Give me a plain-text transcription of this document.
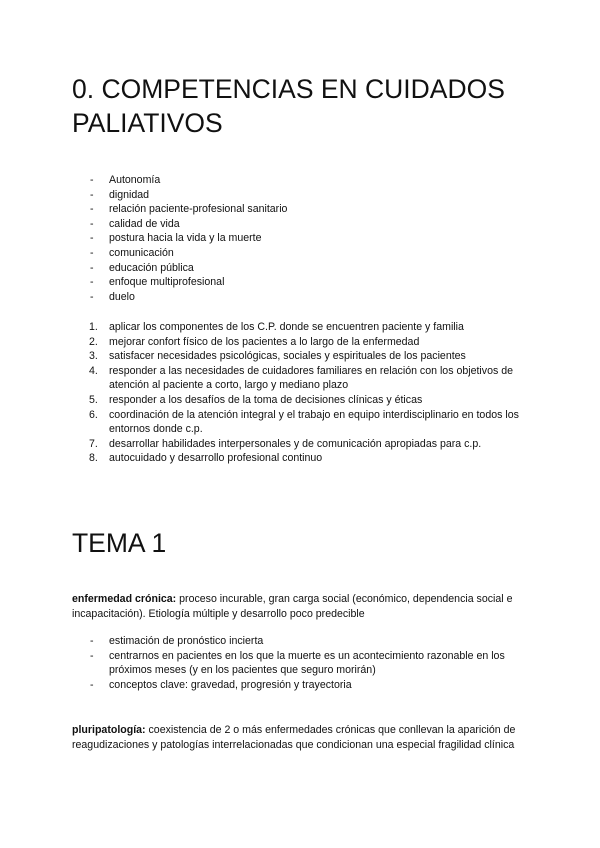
0. COMPETENCIAS EN CUIDADOS PALIATIVOS
- Autonomía
- dignidad
- relación paciente-profesional sanitario
- calidad de vida
- postura hacia la vida y la muerte
- comunicación
- educación pública
- enfoque multiprofesional
- duelo
1. aplicar los componentes de los C.P. donde se encuentren paciente y familia
2. mejorar confort físico de los pacientes a lo largo de la enfermedad
3. satisfacer necesidades psicológicas, sociales y espirituales de los pacientes
4. responder a las necesidades de cuidadores familiares en relación con los objetivos de atención al paciente a corto, largo y mediano plazo
5. responder a los desafíos de la toma de decisiones clínicas y éticas
6. coordinación de la atención integral y el trabajo en equipo interdisciplinario en todos los entornos donde c.p.
7. desarrollar habilidades interpersonales y de comunicación apropiadas para c.p.
8. autocuidado y desarrollo profesional continuo
TEMA 1

enfermedad crónica: proceso incurable, gran carga social (económico, dependencia social e incapacitación). Etiología múltiple y desarrollo poco predecible

- estimación de pronóstico incierta
- centrarnos en pacientes en los que la muerte es un acontecimiento razonable en los próximos meses (y en los pacientes que seguro morirán)
- conceptos clave: gravedad, progresión y trayectoria

pluripatología: coexistencia de 2 o más enfermedades crónicas que conllevan la aparición de reagudizaciones y patologías interrelacionadas que condicionan una especial fragilidad clínica
